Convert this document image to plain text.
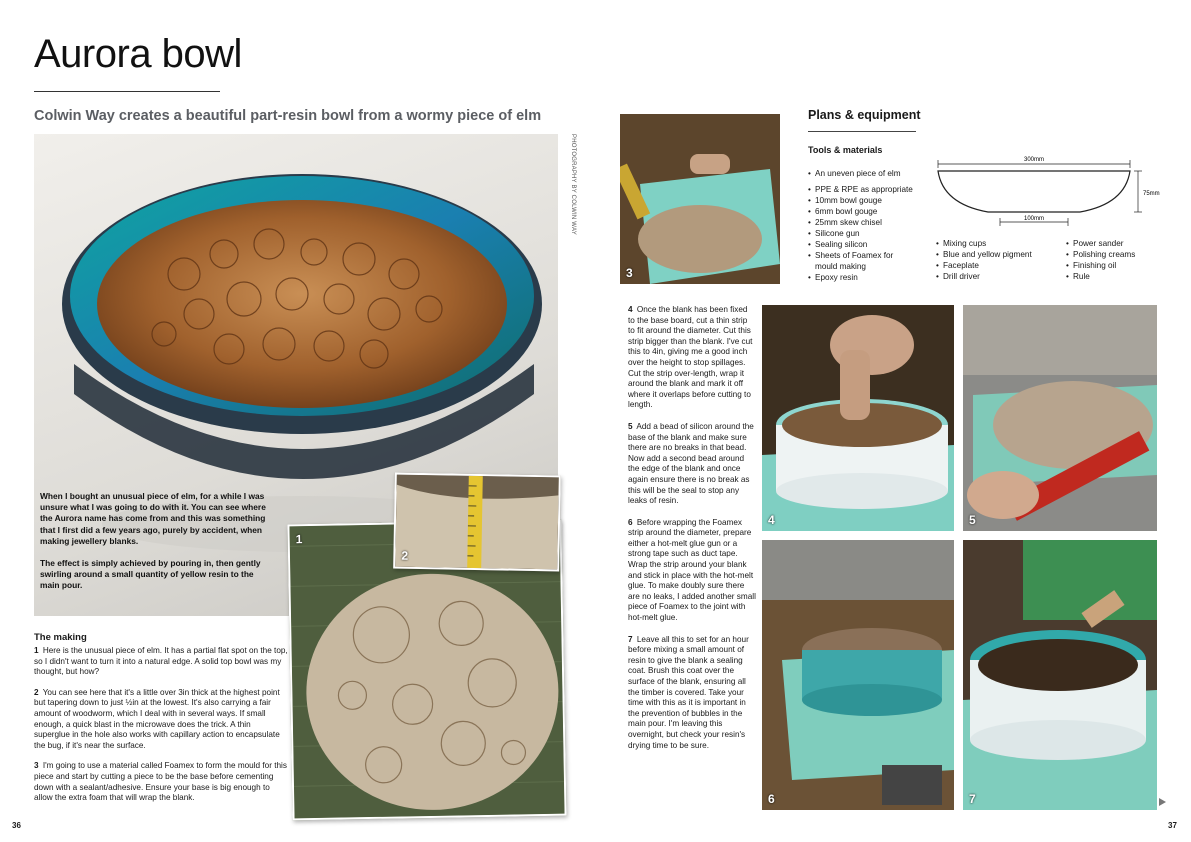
Aurora bowl
Colwin Way creates a beautiful part-resin bowl from a wormy piece of elm
PHOTOGRAPHY BY COLWIN WAY

When I bought an unusual piece of elm, for a while I was unsure what I was going to do with it. You can see where the Aurora name has come from and this was something that I first did a few years ago, purely by accident, when making jewellery blanks.

The effect is simply achieved by pouring in, then gently swirling around a small quantity of yellow resin to the main pour.

1
2
The making

1 Here is the unusual piece of elm. It has a partial flat spot on the top, so I didn't want to turn it into a natural edge. A solid top bowl was my thought, but how?

2 You can see here that it's a little over 3in thick at the highest point but tapering down to just ½in at the lowest. It's also carrying a fair amount of woodworm, which I deal with in several ways. If small enough, a quick blast in the microwave does the trick. A thin superglue in the hole also works with capillary action to encapsulate the bug, if it's near the surface.

3 I'm going to use a material called Foamex to form the mould for this piece and start by cutting a piece to be the base before cementing down with a sealant/adhesive. Ensure your base is big enough to allow the extra foam that will wrap the blank.

36
3

4 Once the blank has been fixed to the base board, cut a thin strip to fit around the diameter. Cut this strip bigger than the blank. I've cut this to 4in, giving me a good inch over the height to stop spillages. Cut the strip over-length, wrap it around the blank and mark it off where it overlaps before cutting to length.

5 Add a bead of silicon around the base of the blank and make sure there are no breaks in that bead. Now add a second bead around the edge of the blank and once again ensure there is no break as this will be the seal to stop any leaks of resin.

6 Before wrapping the Foamex strip around the diameter, prepare either a hot-melt glue gun or a strong tape such as duct tape. Wrap the strip around your blank and stick in place with the hot-melt glue. To make doubly sure there are no leaks, I added another small piece of Foamex to the joint with hot-melt glue.

7 Leave all this to set for an hour before mixing a small amount of resin to give the blank a sealing coat. Brush this coat over the surface of the blank, ensuring all the timber is covered. Take your time with this as it is important in the prevention of bubbles in the main pour. I'm leaving this overnight, but check your resin's drying time to be sure.

Plans & equipment
Tools & materials
• An uneven piece of elm
• PPE & RPE as appropriate
• 10mm bowl gouge
• 6mm bowl gouge
• 25mm skew chisel
• Silicone gun
• Sealing silicon
• Sheets of Foamex for mould making
• Epoxy resin
• Mixing cups
• Blue and yellow pigment
• Faceplate
• Drill driver
• Power sander
• Polishing creams
• Finishing oil
• Rule
300mm
75mm
100mm
4	5
6	7
37
